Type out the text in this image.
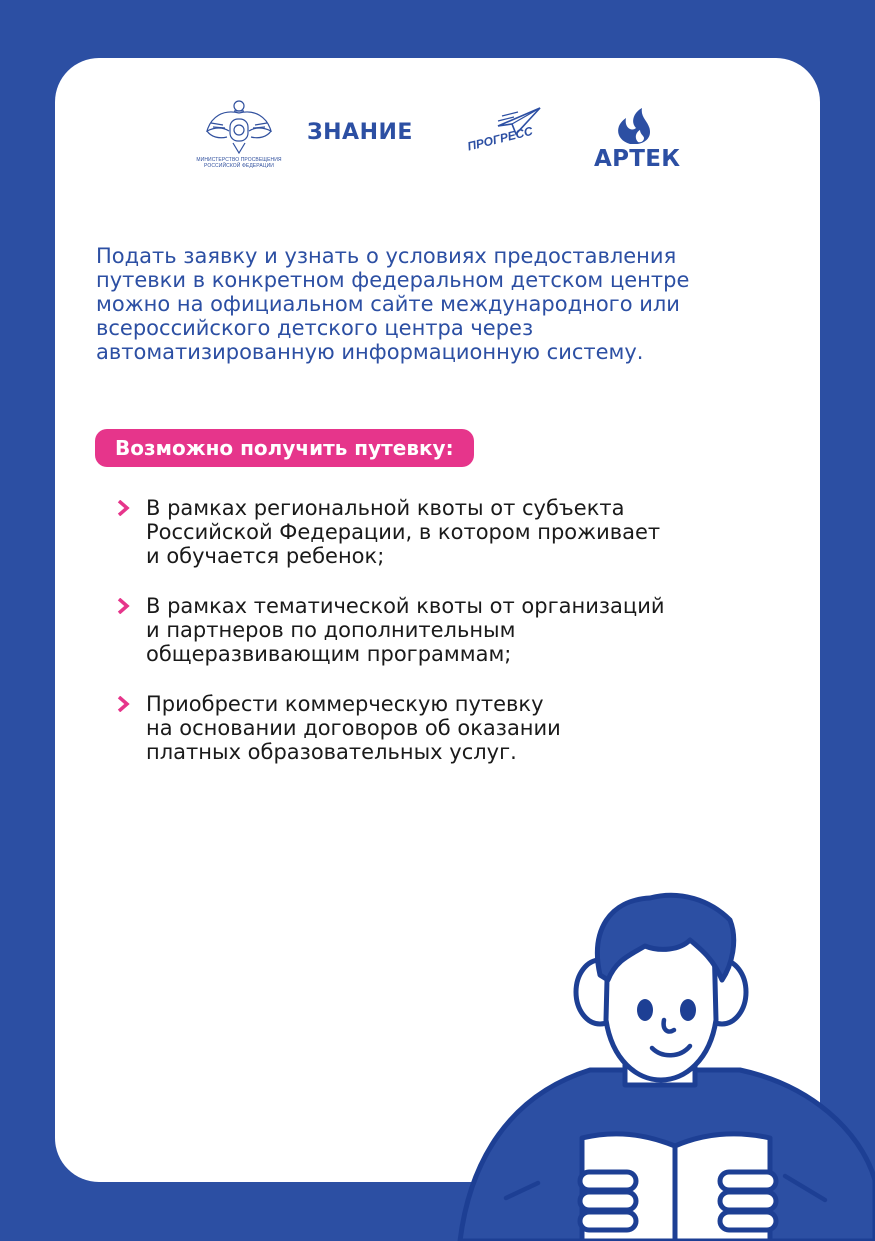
МИНИСТЕРСТВО ПРОСВЕЩЕНИЯ РОССИЙСКОЙ ФЕДЕРАЦИИ
ЗНАНИЕ	ПРОГРЕСС
АРТЕК

Подать заявку и узнать о условиях предоставления путевки в конкретном федеральном детском центре можно на официальном сайте международного или всероссийского детского центра через автоматизированную информационную систему.

Возможно получить путевку:
В рамках региональной квоты от субъекта
Российской Федерации, в котором проживает
и обучается ребенок;
В рамках тематической квоты от организаций
и партнеров по дополнительным
общеразвивающим программам;
Приобрести коммерческую путевку
на основании договоров об оказании
платных образовательных услуг.
